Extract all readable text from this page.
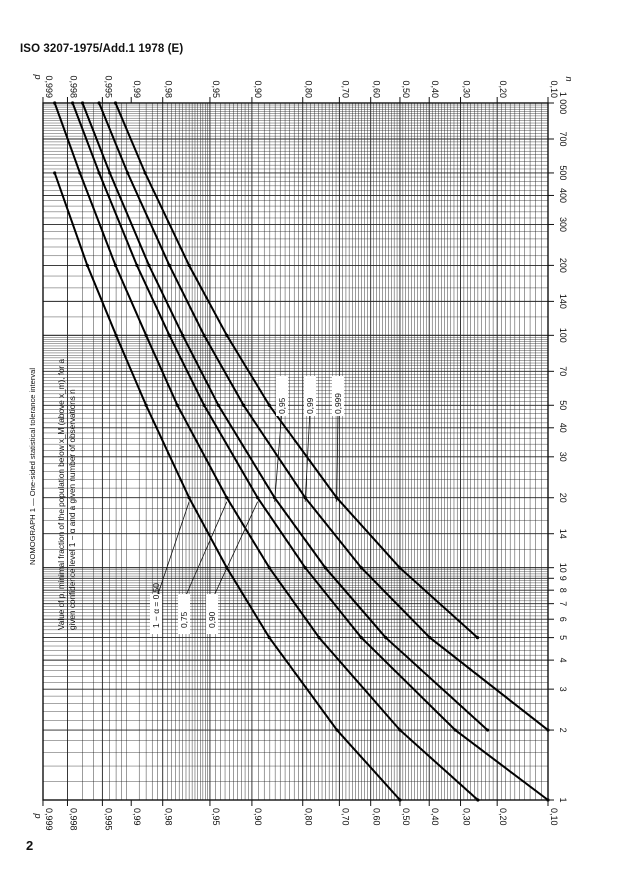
ISO 3207-1975/Add.1 1978 (E)
0,999 0,998	0,995 0,99 0,98	0,95	0,90	0,80	0,70 0,60 0,50 0,40 0,30	0,20	0,10
p
0,999 0,998	0,995 0,99 0,98	0,95	0,90	0,80	0,70 0,60 0,50 0,40 0,30	0,20	0,10
p
1
2
3
4
5
6
7
8
9
10
14
20
30
40
50
70
100
140
200
300
400
500
700
1 000
n
NOMOGRAPH 1 — One-sided statistical tolerance interval Value of p, minimal fraction of the population below x_M (above x_m), for a given confidence level 1 − α and a given number of observations n	1 − α = 0,50 0,75 0,90
0,95 0,99 0,999
2
